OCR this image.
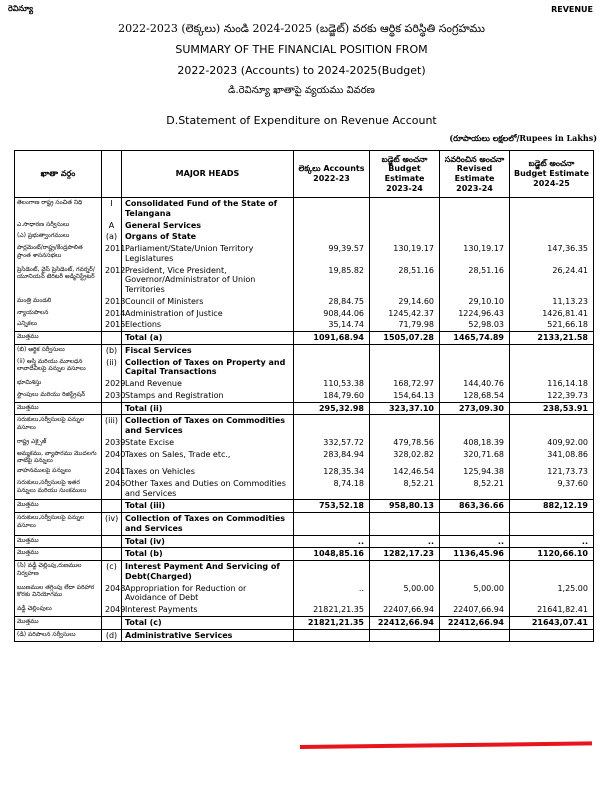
రెవిన్యూ	REVENUE
2022-2023 (లెక్కలు) నుండి 2024-2025 (బడ్జెట్) వరకు ఆర్థిక పరిస్థితి సంగ్రహము
SUMMARY OF THE FINANCIAL POSITION FROM
2022-2023 (Accounts) to 2024-2025(Budget)
డి.రెవిన్యూ ఖాతాపై వ్యయము వివరణ
D.Statement of Expenditure on Revenue Account
(రూపాయలు లక్షలలో/Rupees in Lakhs)
ఖాతా వర్గం		MAJOR HEADS	లెక్కలు Accounts 2022-23	బడ్జెట్ అంచనా Budget Estimate 2023-24	సవరించిన అంచనా Revised Estimate 2023-24	బడ్జెట్ అంచనా Budget Estimate 2024-25
తెలంగాణ రాష్ట్ర సంచిత నిధి	I	Consolidated Fund of the State of Telangana				
ఎ.సాధారణ సర్వీసులు	A	General Services				
(ఎ) ప్రభుత్వాంగములు	(a)	Organs of State				
పార్లమెంట్/రాష్ట్ర/కేంద్రపాలిత ప్రాంత శాసనసభలు	2011	Parliament/State/Union Territory Legislatures	99,39.57	130,19.17	130,19.17	147,36.35
ప్రెసిడెంట్, వైస్ ప్రెసిడెంట్, గవర్నర్/యూనియన్ టెరిటరీ అడ్మినిస్ట్రేటర్	2012	President, Vice President, Governor/Administrator of Union Territories	19,85.82	28,51.16	28,51.16	26,24.41
మంత్రి మండలి	2013	Council of Ministers	28,84.75	29,14.60	29,10.10	11,13.23
న్యాయపాలన	2014	Administration of Justice	908,44.06	1245,42.37	1224,96.43	1426,81.41
ఎన్నికలు	2015	Elections	35,14.74	71,79.98	52,98.03	521,66.18
మొత్తము		Total (a)	1091,68.94	1505,07.28	1465,74.89	2133,21.58
(బి) ఆర్థిక సర్వీసులు	(b)	Fiscal Services				
(ii) ఆస్తి మరియు మూలధన లావాదేవీలపై పన్నుల వసూలు	(ii)	Collection of Taxes on Property and Capital Transactions				
భూమిశిస్తు	2029	Land Revenue	110,53.38	168,72.97	144,40.76	116,14.18
స్టాంపులు మరియు రిజిస్ట్రేషన్	2030	Stamps and Registration	184,79.60	154,64.13	128,68.54	122,39.73
మొత్తము		Total (ii)	295,32.98	323,37.10	273,09.30	238,53.91
సరుకులు,సర్వీసులపై పన్నుల వసూలు	(iii)	Collection of Taxes on Commodities and Services				
రాష్ట్ర ఎక్సైజ్	2039	State Excise	332,57.72	479,78.56	408,18.39	409,92.00
అమ్మకము, వ్యాపారము మొదలగు వాటిపై పన్నులు	2040	Taxes on Sales, Trade etc.,	283,84.94	328,02.82	320,71.68	341,08.86
వాహనములపై పన్నులు	2041	Taxes on Vehicles	128,35.34	142,46.54	125,94.38	121,73.73
సరుకులు,సర్వీసులపై ఇతర పన్నులు మరియు సుంకములు	2045	Other Taxes and Duties on Commodities and Services	8,74.18	8,52.21	8,52.21	9,37.60
మొత్తము		Total (iii)	753,52.18	958,80.13	863,36.66	882,12.19
సరుకులు,సర్వీసులపై పన్నుల వసూలు	(iv)	Collection of Taxes on Commodities and Services				
మొత్తము		Total (iv)	..	..	..	..
మొత్తము		Total (b)	1048,85.16	1282,17.23	1136,45.96	1120,66.10
(సి) వడ్డీ చెల్లింపు,రుణముల నిర్వహణ	(c)	Interest Payment And Servicing of Debt(Charged)				
ఋణముల తగ్గింపు లేదా పరిహార కొరకు వినియోగము	2048	Appropriation for Reduction or Avoidance of Debt	..	5,00.00	5,00.00	1,25.00
వడ్డీ చెల్లింపులు	2049	Interest Payments	21821,21.35	22407,66.94	22407,66.94	21641,82.41
మొత్తము		Total (c)	21821,21.35	22412,66.94	22412,66.94	21643,07.41
(డి) పరిపాలన సర్వీసులు	(d)	Administrative Services				
